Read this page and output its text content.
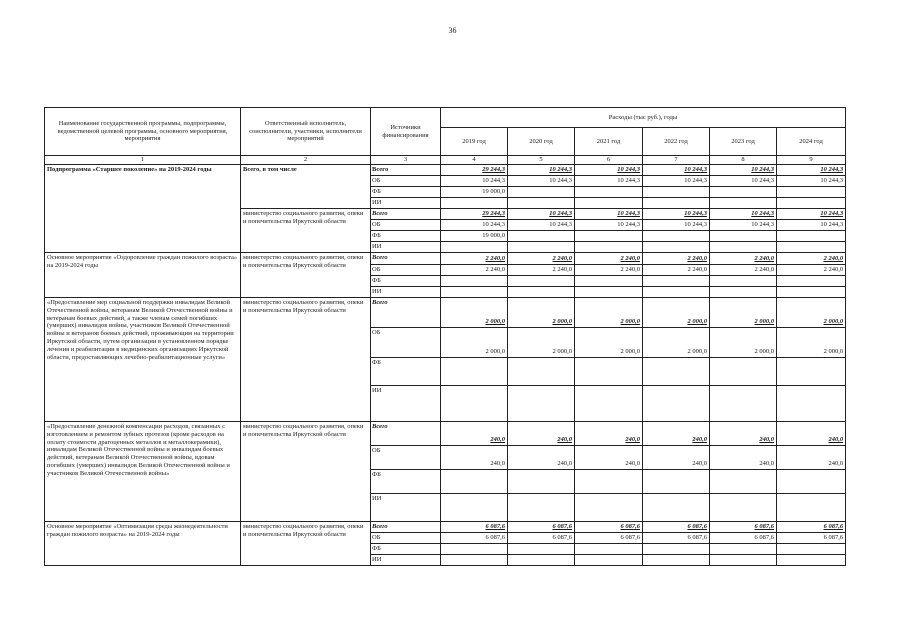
36
Наименование государственной программы, подпрограммы, ведомственной целевой программы, основного мероприятия, мероприятия	Ответственный исполнитель, соисполнители, участники, исполнители мероприятий	Источники финансирования	Расходы (тыс руб.), годы					
			2019 год	2020 год	2021 год	2022 год	2023 год	2024 год
1	2	3	4	5	6	7	8	9
Подпрограмма «Старшее поколение» на 2019-2024 годы	Всего, в том числе	Всего	29 244,3	10 244,3	10 244,3	10 244,3	10 244,3	10 244,3
		ОБ	10 244,3	10 244,3	10 244,3	10 244,3	10 244,3	10 244,3
		ФБ	19 000,0					
		ИИ						
	министерство социального развития, опеки и попечительства Иркутской области	Всего	29 244,3	10 244,3	10 244,3	10 244,3	10 244,3	10 244,3
		ОБ	10 244,3	10 244,3	10 244,3	10 244,3	10 244,3	10 244,3
		ФБ	19 000,0					
		ИИ						
Основное мероприятие «Оздоровление граждан пожилого возраста» на 2019-2024 годы	министерство социального развития, опеки и попечительства Иркутской области	Всего	2 240,0	2 240,0	2 240,0	2 240,0	2 240,0	2 240,0
		ОБ	2 240,0	2 240,0	2 240,0	2 240,0	2 240,0	2 240,0
		ФБ						
		ИИ						
«Предоставление мер социальной поддержки инвалидам Великой Отечественной войны, ветеранам Великой Отечественной войны и ветеранам боевых действий, а также членам семей погибших (умерших) инвалидов войны, участников Великой Отечественной войны и ветеранов боевых действий, проживающим на территории Иркутской области, путем организации в установленном порядке лечения и реабилитации в медицинских организациях Иркутской области, предоставляющих лечебно-реабилитационные услуги»	министерство социального развития, опеки и попечительства Иркутской области	Всего	2 000,0	2 000,0	2 000,0	2 000,0	2 000,0	2 000,0
		ОБ	2 000,0	2 000,0	2 000,0	2 000,0	2 000,0	2 000,0
		ФБ						
		ИИ						
«Предоставление денежной компенсации расходов, связанных с изготовлением и ремонтом зубных протезов (кроме расходов на оплату стоимости драгоценных металлов и металлокерамики), инвалидам Великой Отечественной войны и инвалидам боевых действий, ветеранам Великой Отечественной войны, вдовам погибших (умерших) инвалидов Великой Отечественной войны и участников Великой Отечественной войны»	министерство социального развития, опеки и попечительства Иркутской области	Всего	240,0	240,0	240,0	240,0	240,0	240,0
		ОБ	240,0	240,0	240,0	240,0	240,0	240,0
		ФБ						
		ИИ						
Основное мероприятие «Оптимизация среды жизнедеятельности граждан пожилого возраста» на 2019-2024 годы	министерство социального развития, опеки и попечительства Иркутской области	Всего	6 087,6	6 087,6	6 087,6	6 087,6	6 087,6	6 087,6
		ОБ	6 087,6	6 087,6	6 087,6	6 087,6	6 087,6	6 087,6
		ФБ						
		ИИ						
